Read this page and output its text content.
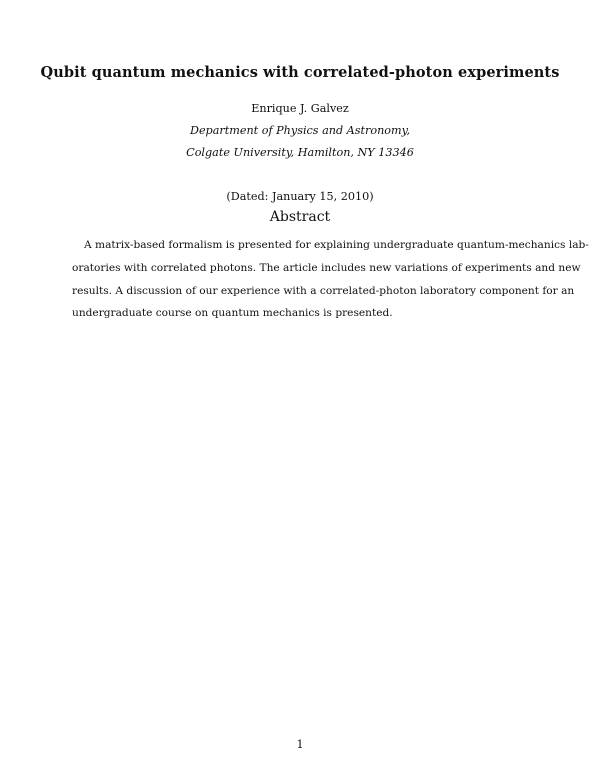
Qubit quantum mechanics with correlated-photon experiments
Enrique J. Galvez
Department of Physics and Astronomy,
Colgate University, Hamilton, NY 13346
(Dated: January 15, 2010)
Abstract

A matrix-based formalism is presented for explaining undergraduate quantum-mechanics lab-
oratories with correlated photons. The article includes new variations of experiments and new
results. A discussion of our experience with a correlated-photon laboratory component for an
undergraduate course on quantum mechanics is presented.

1
